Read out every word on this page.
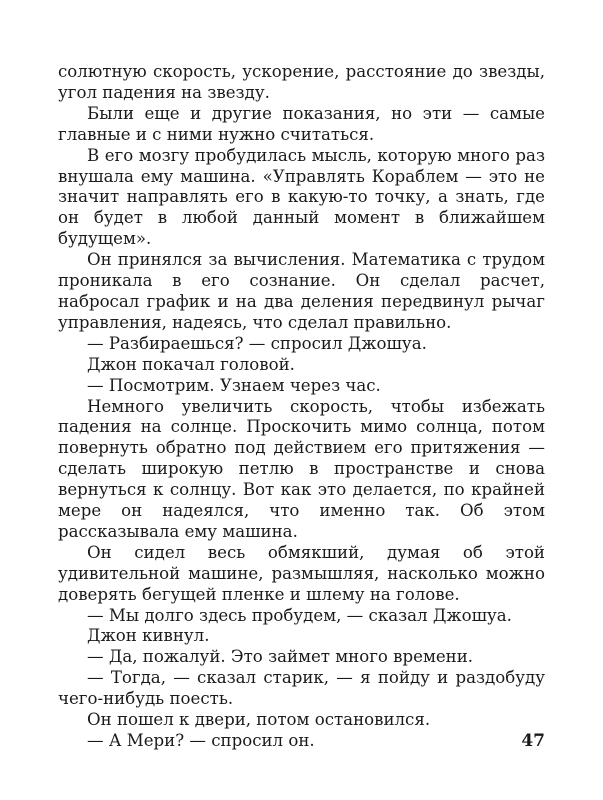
солютную скорость, ускорение, расстояние до звезды, угол падения на звезду.

Были еще и другие показания, но эти — самые главные и с ними нужно считаться.

В его мозгу пробудилась мысль, которую много раз внушала ему машина. «Управлять Кораблем — это не значит направлять его в какую-то точку, а знать, где он будет в любой данный момент в ближайшем будущем».

Он принялся за вычисления. Математика с трудом проникала в его сознание. Он сделал расчет, набросал график и на два деления передвинул рычаг управления, надеясь, что сделал правильно.

— Разбираешься? — спросил Джошуа.

Джон покачал головой.

— Посмотрим. Узнаем через час.

Немного увеличить скорость, чтобы избежать падения на солнце. Проскочить мимо солнца, потом повернуть обратно под действием его притяжения — сделать широкую петлю в пространстве и снова вернуться к солнцу. Вот как это делается, по крайней мере он надеялся, что именно так. Об этом рассказывала ему машина.

Он сидел весь обмякший, думая об этой удивительной машине, размышляя, насколько можно доверять бегущей пленке и шлему на голове.

— Мы долго здесь пробудем, — сказал Джошуа.

Джон кивнул.

— Да, пожалуй. Это займет много времени.

— Тогда, — сказал старик, — я пойду и раздобуду чего-нибудь поесть.

Он пошел к двери, потом остановился.

— А Мери? — спросил он.	47
